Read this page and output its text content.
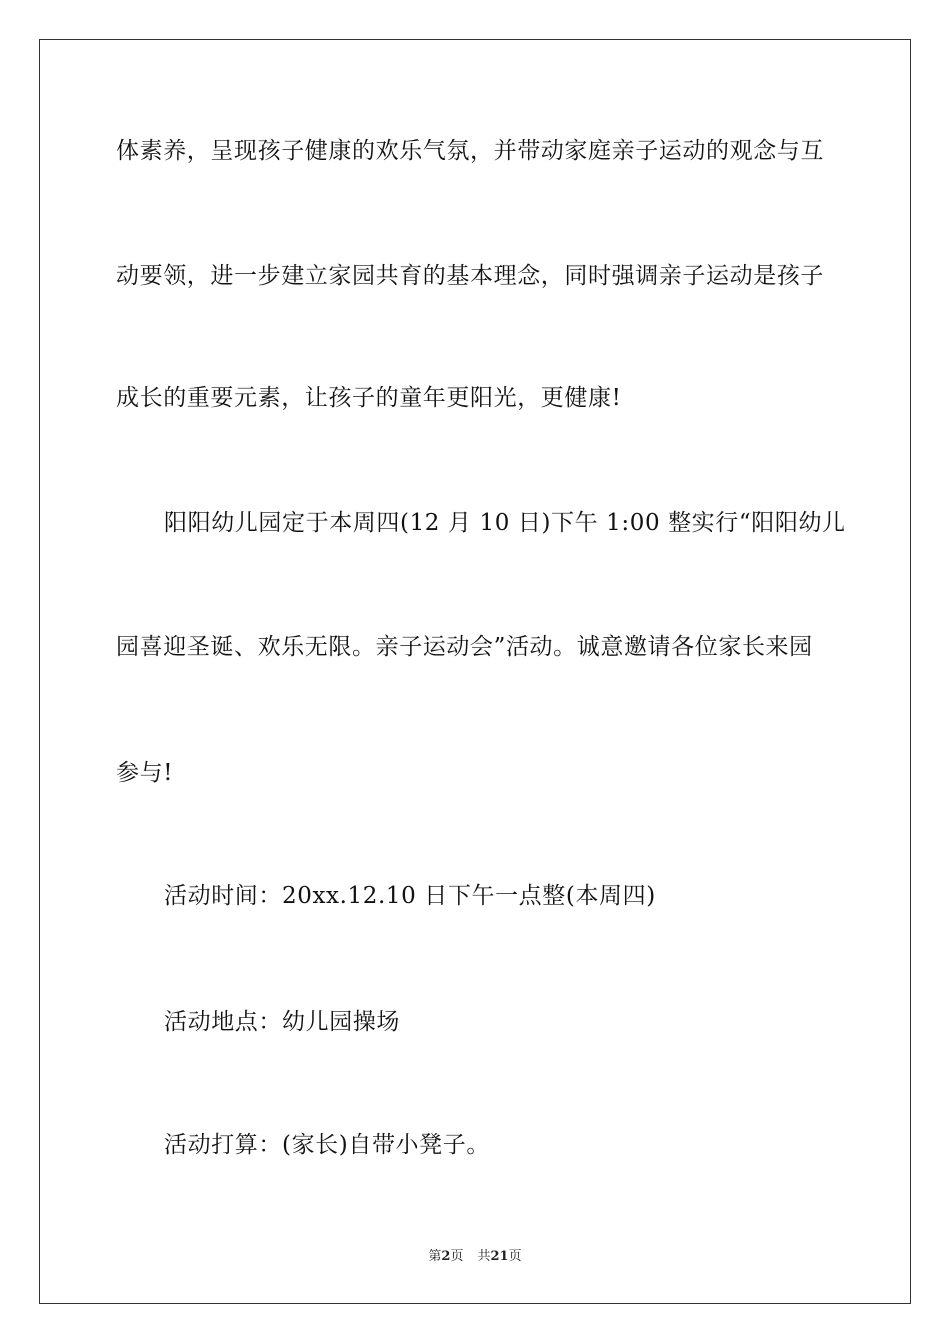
体素养，呈现孩子健康的欢乐气氛，并带动家庭亲子运动的观念与互
动要领，进一步建立家园共育的基本理念，同时强调亲子运动是孩子
成长的重要元素，让孩子的童年更阳光，更健康!
阳阳幼儿园定于本周四(12 月 10 日)下午 1:00 整实行“阳阳幼儿
园喜迎圣诞、欢乐无限。亲子运动会”活动。诚意邀请各位家长来园
参与!
活动时间：20xx.12.10 日下午一点整(本周四)
活动地点：幼儿园操场
活动打算：(家长)自带小凳子。
第2页 共21页
